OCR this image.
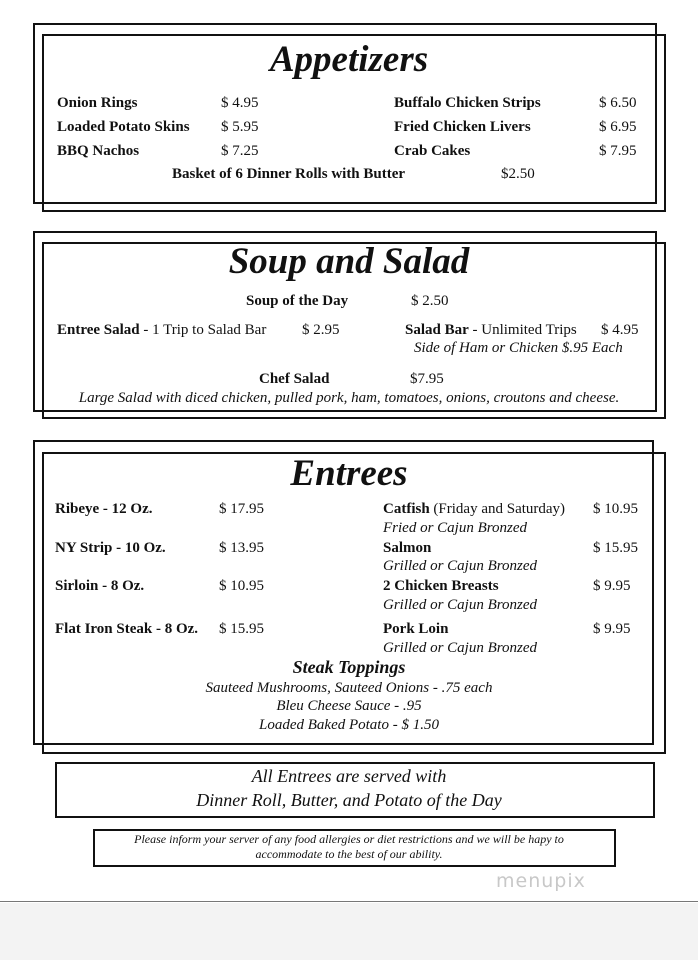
Appetizers
Onion Rings	$ 4.95
Loaded Potato Skins $ 5.95
BBQ Nachos	$ 7.25
Buffalo Chicken Strips	$ 6.50
Fried Chicken Livers	$ 6.95
Crab Cakes	$ 7.95
Basket of 6 Dinner Rolls with Butter	$2.50
Soup and Salad
Soup of the Day	$ 2.50
Entree Salad - 1 Trip to Salad Bar $ 2.95	Salad Bar - Unlimited Trips $ 4.95
Side of Ham or Chicken $.95 Each
Chef Salad	$7.95
Large Salad with diced chicken, pulled pork, ham, tomatoes, onions, croutons and cheese.
Entrees
Ribeye - 12 Oz.	$ 17.95
NY Strip - 10 Oz.	$ 13.95
Sirloin - 8 Oz.	$ 10.95
Flat Iron Steak - 8 Oz. $ 15.95
Catfish (Friday and Saturday) $ 10.95
Fried or Cajun Bronzed
Salmon	$ 15.95
Grilled or Cajun Bronzed
2 Chicken Breasts	$ 9.95
Grilled or Cajun Bronzed
Pork Loin	$ 9.95
Grilled or Cajun Bronzed
Steak Toppings
Sauteed Mushrooms, Sauteed Onions - .75 each
Bleu Cheese Sauce - .95
Loaded Baked Potato - $ 1.50
All Entrees are served with
Dinner Roll, Butter, and Potato of the Day
Please inform your server of any food allergies or diet restrictions and we will be hapy to
accommodate to the best of our ability.
menupix
